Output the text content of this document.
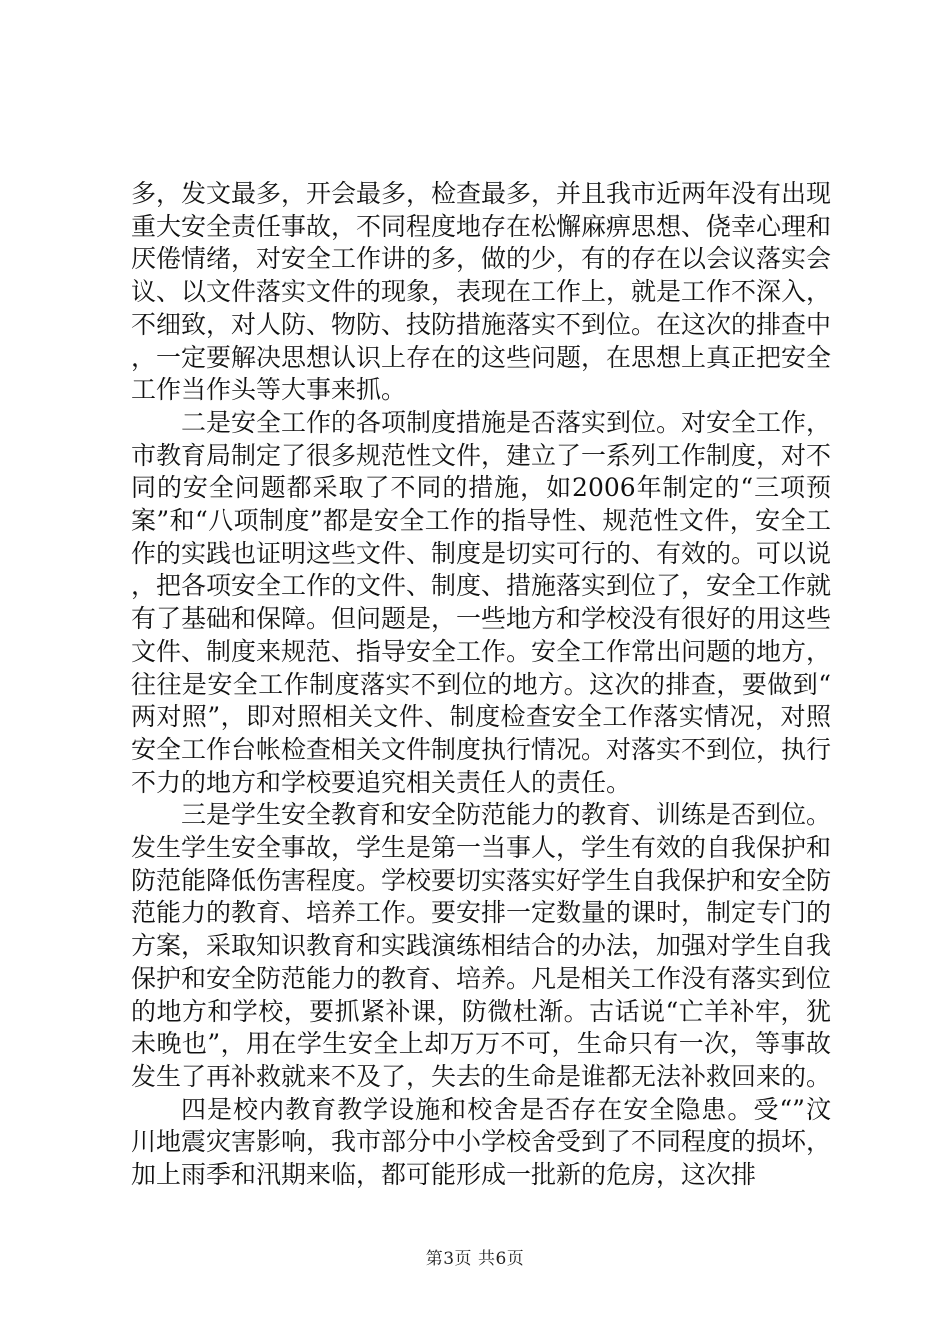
多，发文最多，开会最多，检查最多，并且我市近两年没有出现重大安全责任事故，不同程度地存在松懈麻痹思想、侥幸心理和厌倦情绪，对安全工作讲的多，做的少，有的存在以会议落实会议、以文件落实文件的现象，表现在工作上，就是工作不深入，不细致，对人防、物防、技防措施落实不到位。在这次的排查中，一定要解决思想认识上存在的这些问题，在思想上真正把安全工作当作头等大事来抓。

二是安全工作的各项制度措施是否落实到位。对安全工作，市教育局制定了很多规范性文件，建立了一系列工作制度，对不同的安全问题都采取了不同的措施，如2006年制定的“三项预案”和“八项制度”都是安全工作的指导性、规范性文件，安全工作的实践也证明这些文件、制度是切实可行的、有效的。可以说，把各项安全工作的文件、制度、措施落实到位了，安全工作就有了基础和保障。但问题是，一些地方和学校没有很好的用这些文件、制度来规范、指导安全工作。安全工作常出问题的地方，往往是安全工作制度落实不到位的地方。这次的排查，要做到“两对照”，即对照相关文件、制度检查安全工作落实情况，对照安全工作台帐检查相关文件制度执行情况。对落实不到位，执行不力的地方和学校要追究相关责任人的责任。

三是学生安全教育和安全防范能力的教育、训练是否到位。发生学生安全事故，学生是第一当事人，学生有效的自我保护和防范能降低伤害程度。学校要切实落实好学生自我保护和安全防范能力的教育、培养工作。要安排一定数量的课时，制定专门的方案，采取知识教育和实践演练相结合的办法，加强对学生自我保护和安全防范能力的教育、培养。凡是相关工作没有落实到位的地方和学校，要抓紧补课，防微杜渐。古话说“亡羊补牢，犹未晚也”，用在学生安全上却万万不可，生命只有一次，等事故发生了再补救就来不及了，失去的生命是谁都无法补救回来的。

四是校内教育教学设施和校舍是否存在安全隐患。受“”汶川地震灾害影响，我市部分中小学校舍受到了不同程度的损坏，加上雨季和汛期来临，都可能形成一批新的危房，这次排

第3页 共6页
